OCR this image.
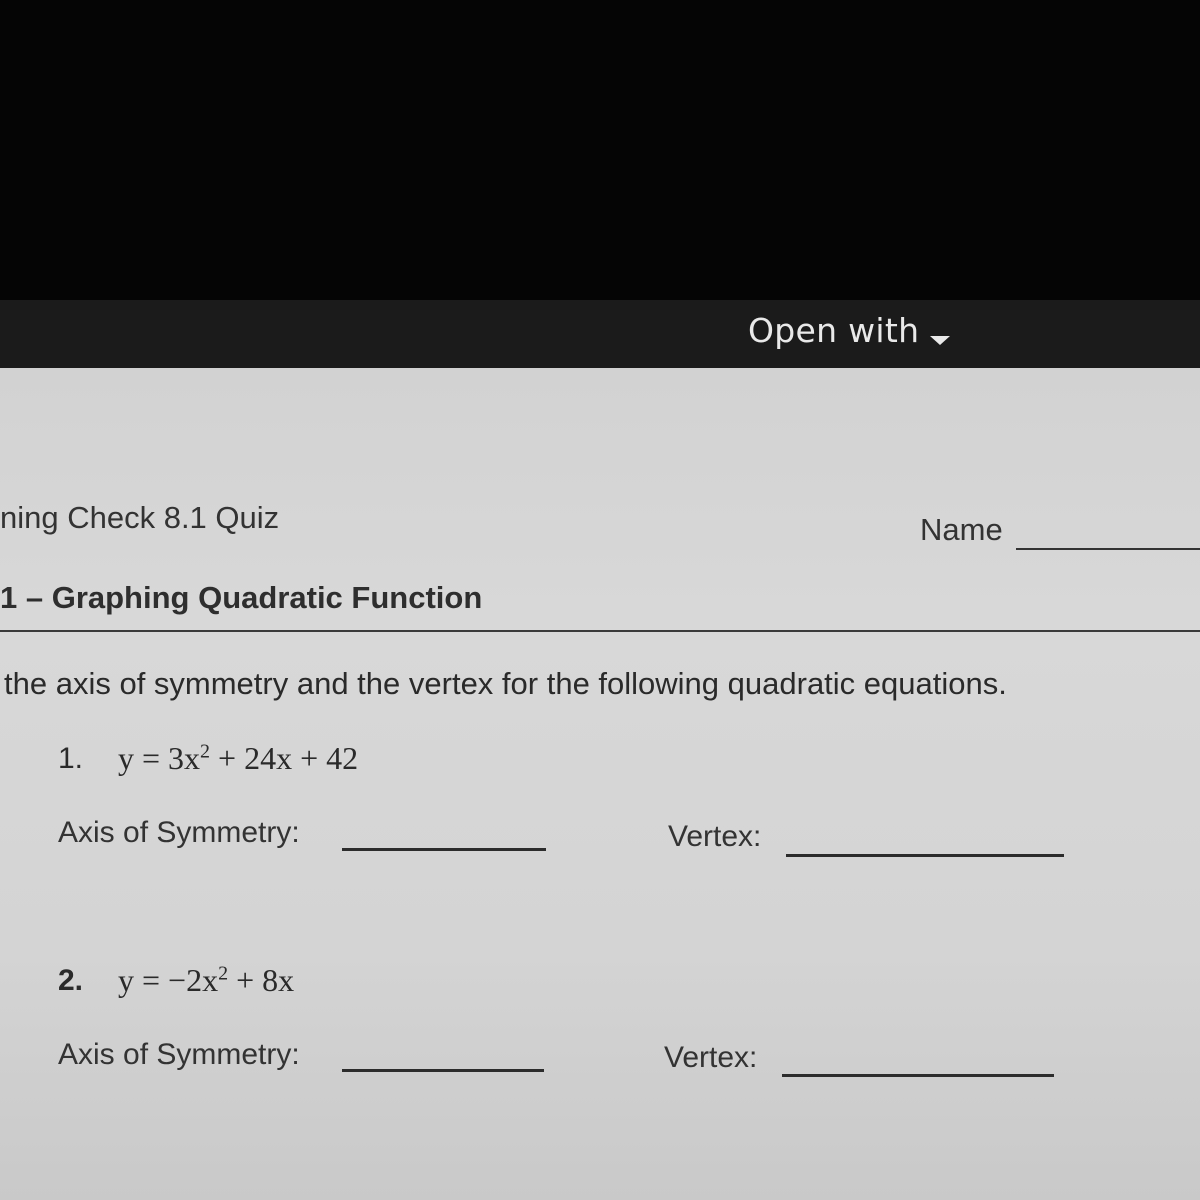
Open with
ning Check 8.1 Quiz	Name
1 – Graphing Quadratic Function
the axis of symmetry and the vertex for the following quadratic equations.
1. $y = 3x^2 + 24x + 42$
Axis of Symmetry:	Vertex:
2. $y = -2x^2 + 8x$
Axis of Symmetry:	Vertex:
